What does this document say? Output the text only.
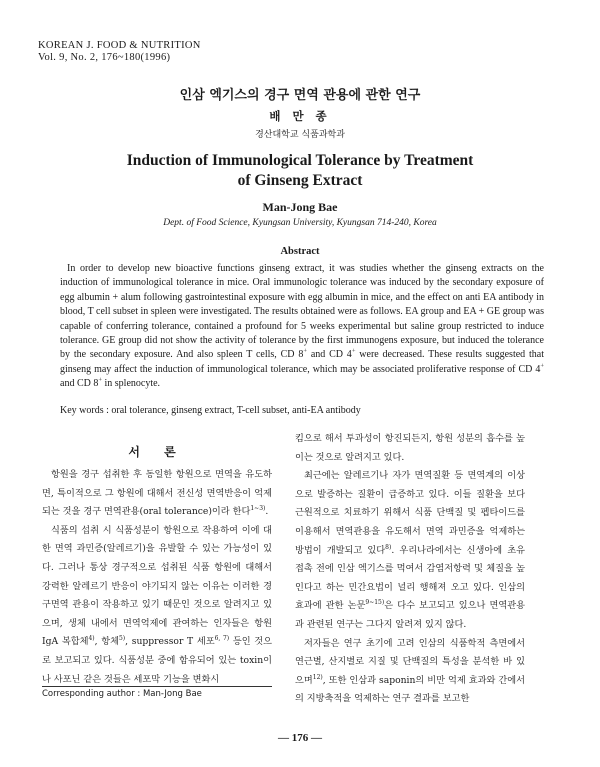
KOREAN J. FOOD & NUTRITION
Vol. 9, No. 2, 176~180(1996)
인삼 엑기스의 경구 면역 관용에 관한 연구
배 만 종
경산대학교 식품과학과
Induction of Immunological Tolerance by Treatment
of Ginseng Extract
Man-Jong Bae
Dept. of Food Science, Kyungsan University, Kyungsan 714-240, Korea
Abstract

In order to develop new bioactive functions ginseng extract, it was studies whether the ginseng extracts on the induction of immunological tolerance in mice. Oral immunologic tolerance was induced by the secondary exposure of egg albumin + alum following gastrointestinal exposure with egg albumin in mice, and the effect on anti EA antibody in blood, T cell subset in spleen were investigated. The results obtained were as follows. EA group and EA + GE group was capable of conferring tolerance, contained a profound for 5 weeks experimental but saline group restricted to induce tolerance. GE group did not show the activity of tolerance by the first immunogens exposure, but induced the tolerance by the secondary exposure. And also spleen T cells, CD 8+ and CD 4+ were decreased. These results suggested that ginseng may affect the induction of immunological tolerance, which may be associated proliferative response of CD 4+ and CD 8+ in splenocyte.

Key words : oral tolerance, ginseng extract, T-cell subset, anti-EA antibody
서 론

항원을 경구 섭취한 후 동일한 항원으로 면역을 유도하면, 특이적으로 그 항원에 대해서 전신성 면역반응이 억제되는 것을 경구 면역관용(oral tolerance)이라 한다$^{1\sim 3)}$.

식품의 섭취 시 식품성분이 항원으로 작용하여 이에 대한 면역 과민증(알레르기)을 유발할 수 있는 가능성이 있다. 그러나 통상 경구적으로 섭취된 식품 항원에 대해서 강력한 알레르기 반응이 야기되지 않는 이유는 이러한 경구면역 관용이 작용하고 있기 때문인 것으로 알려지고 있으며, 생체 내에서 면역억제에 관여하는 인자들은 항원 IgA 복합체$^{4)}$, 항체$^{5)}$, suppressor T 세포$^{6, 7)}$ 등인 것으로 보고되고 있다. 식품성분 중에 함유되어 있는 toxin이나 사포닌 같은 것들은 세포막 기능을 변화시

킴으로 해서 투과성이 항진되든지, 항원 성분의 흡수를 높이는 것으로 알려지고 있다.

최근에는 알레르기나 자가 면역질환 등 면역계의 이상으로 발증하는 질환이 급증하고 있다. 이들 질환을 보다 근원적으로 치료하기 위해서 식품 단백질 및 펩타이드를 이용해서 면역관용을 유도해서 면역 과민증을 억제하는 방법이 개발되고 있다$^{8)}$. 우리나라에서는 신생아에 초유 접촉 전에 인삼 엑기스를 먹여서 감염저항력 및 체질을 높인다고 하는 민간요법이 널리 행해져 오고 있다. 인삼의 효과에 관한 논문$^{9\sim 15)}$은 다수 보고되고 있으나 면역관용과 관련된 연구는 그다지 알려져 있지 않다.

저자들은 연구 초기에 고려 인삼의 식품학적 측면에서 연근별, 산지별로 지질 및 단백질의 특성을 분석한 바 있으며$^{12)}$, 또한 인삼과 saponin의 비만 억제 효과와 간에서의 지방축적을 억제하는 연구 결과를 보고한

Corresponding author : Man-Jong Bae
— 176 —
